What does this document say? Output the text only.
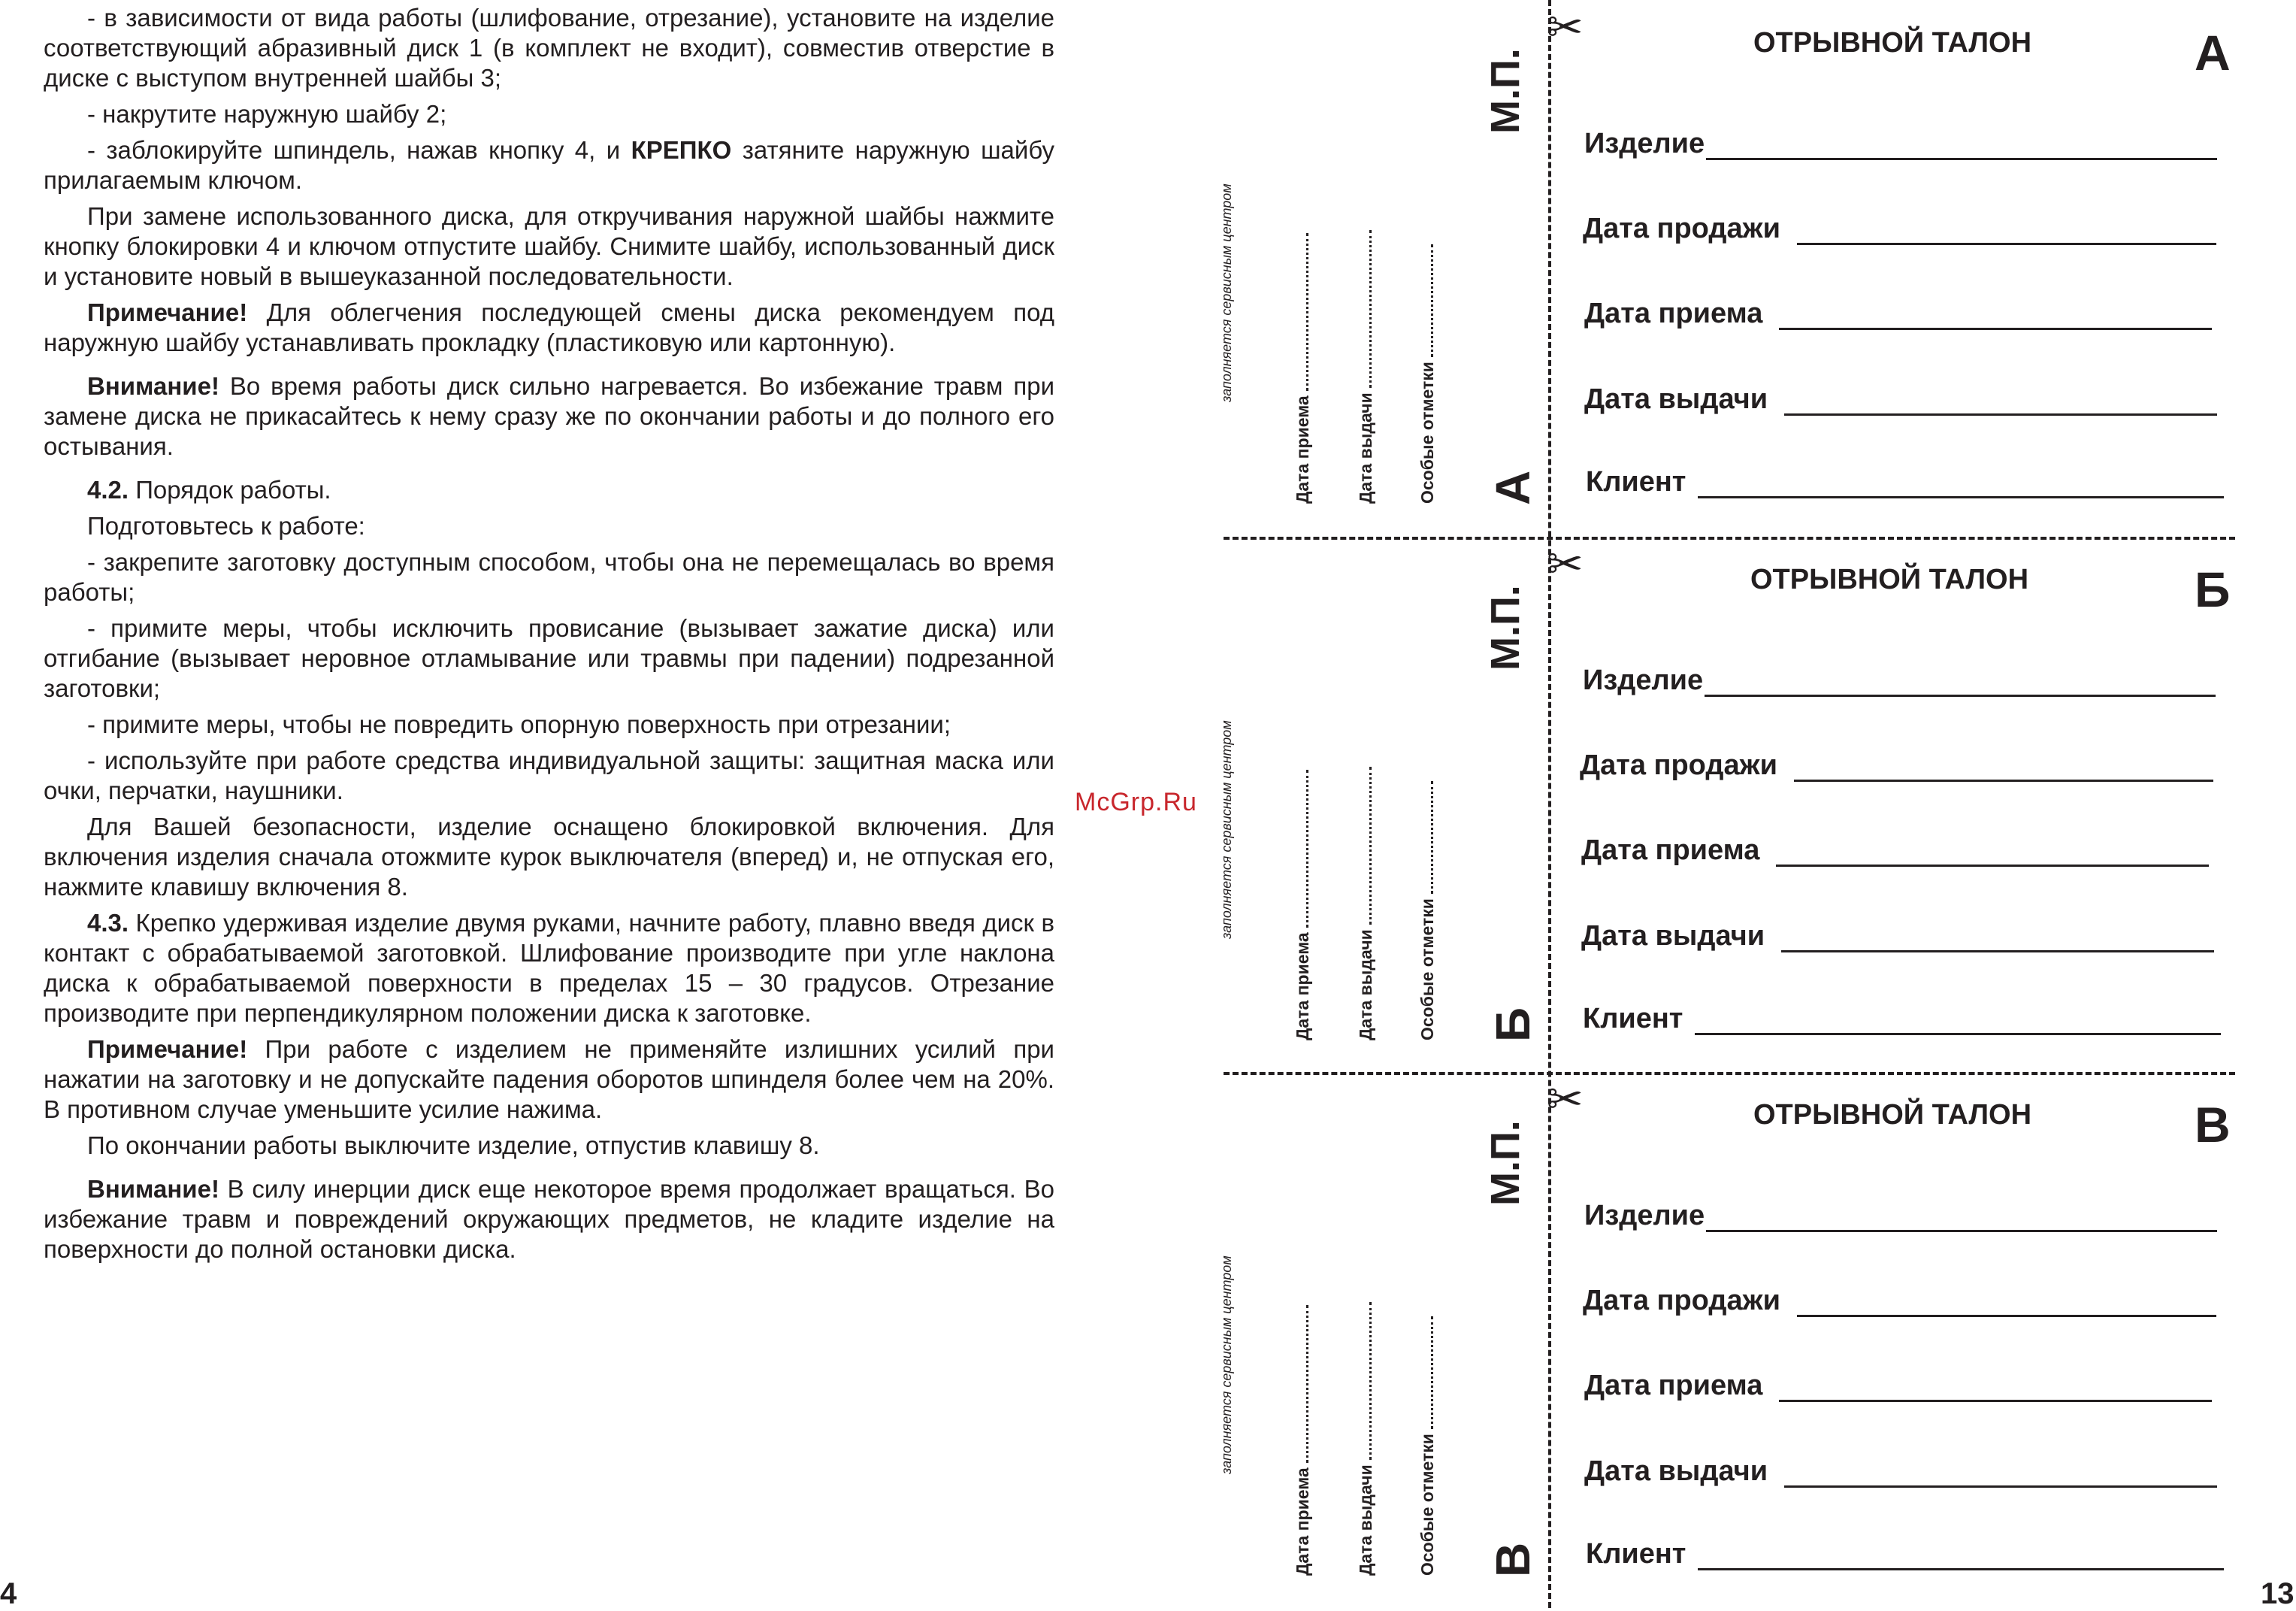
- в зависимости от вида работы (шлифование, отрезание), установите на изделие соответствующий абразивный диск 1 (в комплект не входит), совместив отверстие в диске с выступом внутренней шайбы 3;

- накрутите наружную шайбу 2;

- заблокируйте шпиндель, нажав кнопку 4, и КРЕПКО затяните наружную шайбу прилагаемым ключом.

При замене использованного диска, для откручивания наружной шайбы нажмите кнопку блокировки 4 и ключом отпустите шайбу. Снимите шайбу, использованный диск и установите новый в вышеуказанной последовательности.

Примечание! Для облегчения последующей смены диска рекомендуем под наружную шайбу устанавливать прокладку (пластиковую или картонную).

Внимание! Во время работы диск сильно нагревается. Во избежание травм при замене диска не прикасайтесь к нему сразу же по окончании работы и до полного его остывания.

4.2. Порядок работы.

Подготовьтесь к работе:

- закрепите заготовку доступным способом, чтобы она не перемещалась во время работы;

- примите меры, чтобы исключить провисание (вызывает зажатие диска) или отгибание (вызывает неровное отламывание или травмы при падении) подрезанной заготовки;

- примите меры, чтобы не повредить опорную поверхность при отрезании;

- используйте при работе средства индивидуальной защиты: защитная маска или очки, перчатки, наушники.

Для Вашей безопасности, изделие оснащено блокировкой включения. Для включения изделия сначала отожмите курок выключателя (вперед) и, не отпуская его, нажмите клавишу включения 8.

4.3. Крепко удерживая изделие двумя руками, начните работу, плавно введя диск в контакт с обрабатываемой заготовкой. Шлифование производите при угле наклона диска к обрабатываемой поверхности в пределах 15 – 30 градусов. Отрезание производите при перпендикулярном положении диска к заготовке.

Примечание! При работе с изделием не применяйте излишних усилий при нажатии на заготовку и не допускайте падения оборотов шпинделя более чем на 20%. В противном случае уменьшите усилие нажима.

По окончании работы выключите изделие, отпустив клавишу 8.

Внимание! В силу инерции диск еще некоторое время продолжает вращаться. Во избежание травм и повреждений окружающих предметов, не кладите изделие на поверхности до полной остановки диска.

4
McGrp.Ru
13
✂
заполняется сервисным центром
Дата приема	Дата выдачи Особые отметки
М.П.
А
ОТРЫВНОЙ ТАЛОН	А
Изделие
Дата продажи
Дата приема
Дата выдачи
Клиент
✂
заполняется сервисным центром
Дата приема	Дата выдачи Особые отметки
М.П.
Б
ОТРЫВНОЙ ТАЛОН	Б
Изделие
Дата продажи
Дата приема
Дата выдачи
Клиент
✂
заполняется сервисным центром
Дата приема	Дата выдачи Особые отметки
М.П.
В
ОТРЫВНОЙ ТАЛОН	В
Изделие
Дата продажи
Дата приема
Дата выдачи
Клиент
